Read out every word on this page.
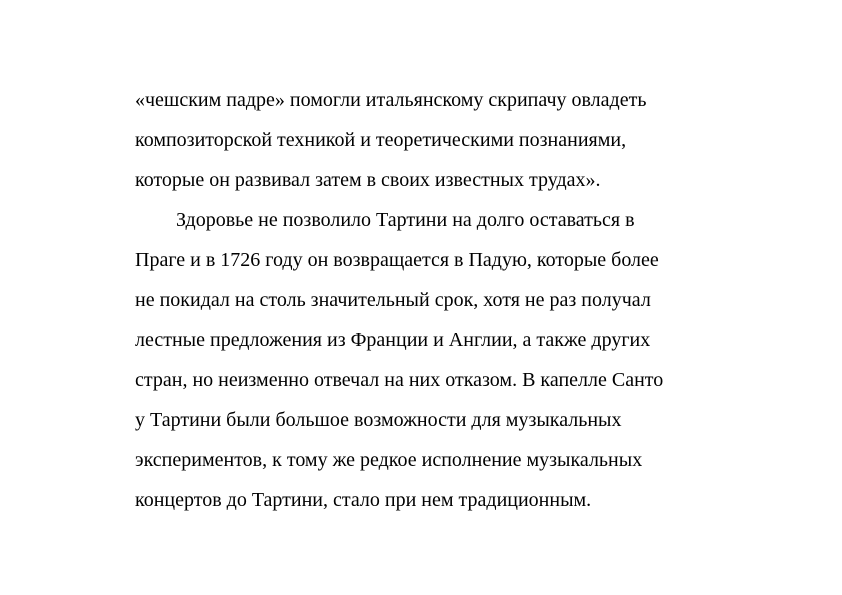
«чешским падре» помогли итальянскому скрипачу овладеть
композиторской техникой и теоретическими познаниями,
которые он развивал затем в своих известных трудах».
Здоровье не позволило Тартини на долго оставаться в
Праге и в 1726 году он возвращается в Падую, которые более
не покидал на столь значительный срок, хотя не раз получал
лестные предложения из Франции и Англии, а также других
стран, но неизменно отвечал на них отказом. В капелле Санто
у Тартини были большое возможности для музыкальных
экспериментов, к тому же редкое исполнение музыкальных
концертов до Тартини, стало при нем традиционным.
